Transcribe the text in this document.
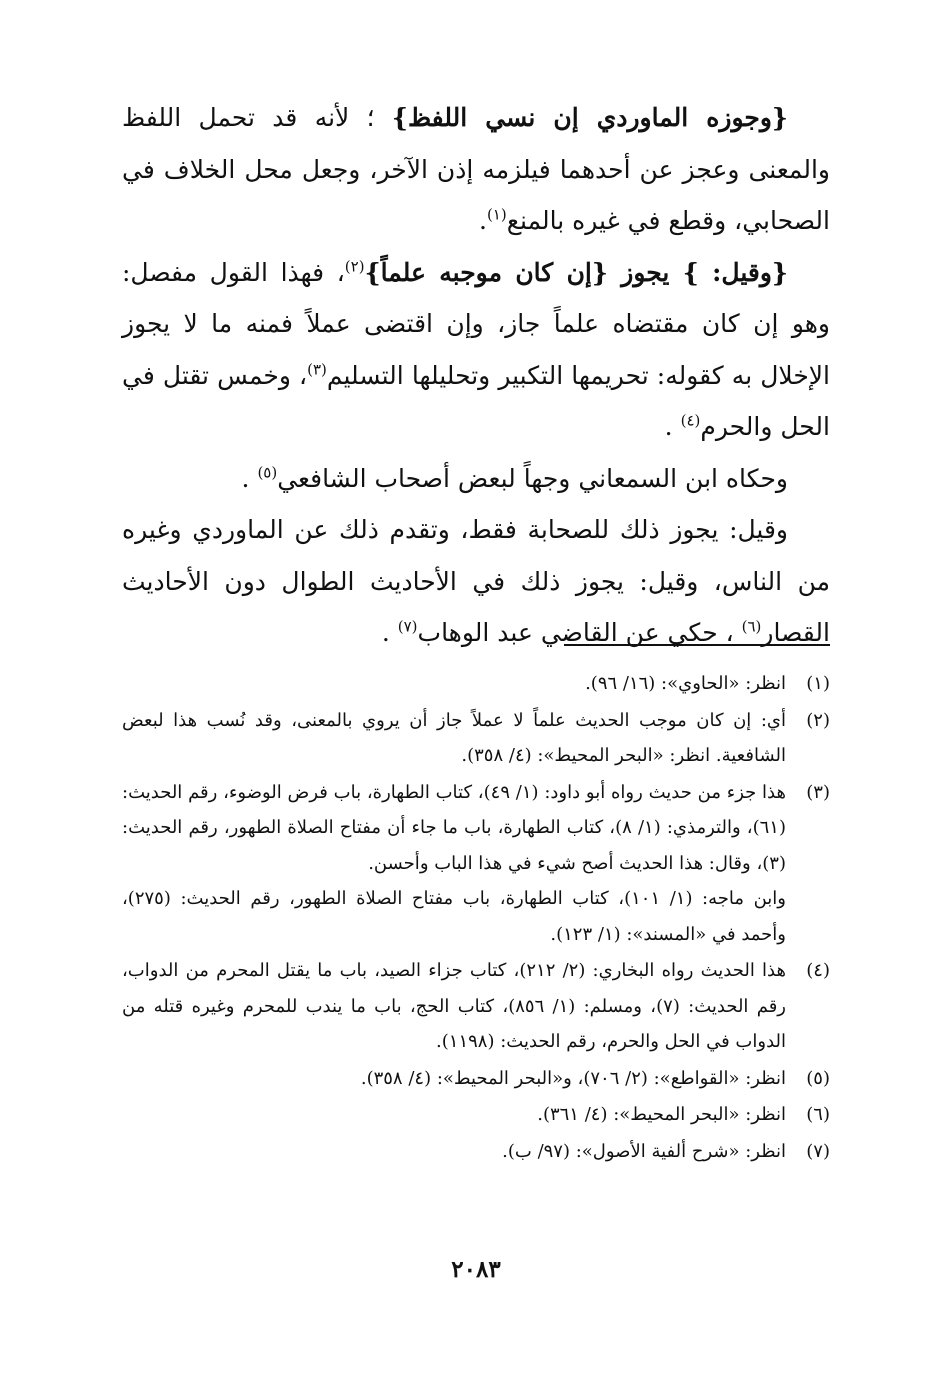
{وجوزه الماوردي إن نسي اللفظ} ؛ لأنه قد تحمل اللفظ والمعنى وعجز عن أحدهما فيلزمه إذن الآخر، وجعل محل الخلاف في الصحابي، وقطع في غيره بالمنع$^{(١)}$.

{وقيل: } يجوز {إن كان موجبه علماً}$^{(٢)}$، فهذا القول مفصل: وهو إن كان مقتضاه علماً جاز، وإن اقتضى عملاً فمنه ما لا يجوز الإخلال به كقوله: تحريمها التكبير وتحليلها التسليم$^{(٣)}$، وخمس تقتل في الحل والحرم$^{(٤)}$ .

وحكاه ابن السمعاني وجهاً لبعض أصحاب الشافعي$^{(٥)}$ .

وقيل: يجوز ذلك للصحابة فقط، وتقدم ذلك عن الماوردي وغيره من الناس، وقيل: يجوز ذلك في الأحاديث الطوال دون الأحاديث القصار$^{(٦)}$ ، حكي عن القاضي عبد الوهاب$^{(٧)}$ .

(١)
انظر: «الحاوي»: (١٦/ ٩٦).
(٢)
أي: إن كان موجب الحديث علماً لا عملاً جاز أن يروي بالمعنى، وقد نُسب هذا لبعض الشافعية. انظر: «البحر المحيط»: (٤/ ٣٥٨).
(٣)
هذا جزء من حديث رواه أبو داود: (١/ ٤٩)، كتاب الطهارة، باب فرض الوضوء، رقم الحديث: (٦١)، والترمذي: (١/ ٨)، كتاب الطهارة، باب ما جاء أن مفتاح الصلاة الطهور، رقم الحديث: (٣)، وقال: هذا الحديث أصح شيء في هذا الباب وأحسن.
وابن ماجه: (١/ ١٠١)، كتاب الطهارة، باب مفتاح الصلاة الطهور، رقم الحديث: (٢٧٥)، وأحمد في «المسند»: (١/ ١٢٣).
(٤)
هذا الحديث رواه البخاري: (٢/ ٢١٢)، كتاب جزاء الصيد، باب ما يقتل المحرم من الدواب، رقم الحديث: (٧)، ومسلم: (١/ ٨٥٦)، كتاب الحج، باب ما يندب للمحرم وغيره قتله من الدواب في الحل والحرم، رقم الحديث: (١١٩٨).
(٥)
انظر: «القواطع»: (٢/ ٧٠٦)، و«البحر المحيط»: (٤/ ٣٥٨).
(٦)
انظر: «البحر المحيط»: (٤/ ٣٦١).
(٧)
انظر: «شرح ألفية الأصول»: (٩٧/ ب).
٢٠٨٣
